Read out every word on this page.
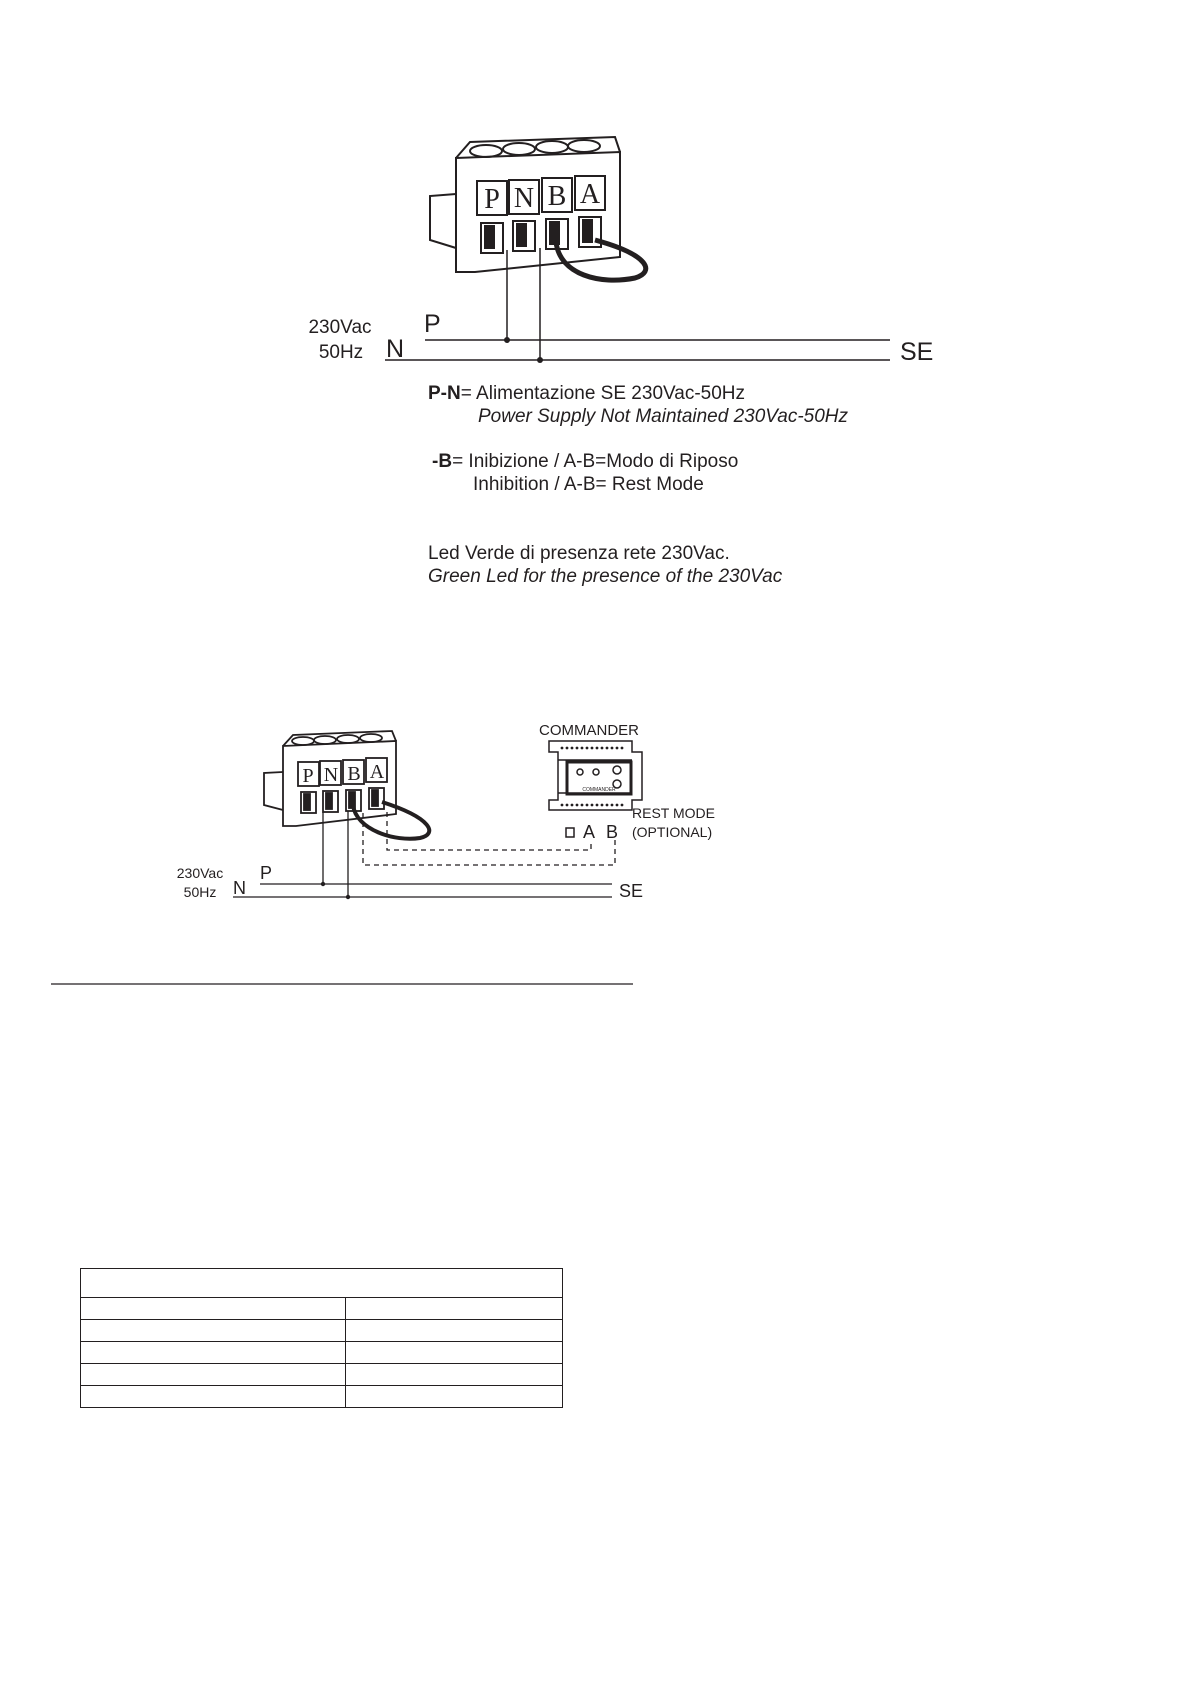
P N B A
230Vac
50Hz
P
N	SE
P-N= Alimentazione SE 230Vac-50Hz
Power Supply Not Maintained 230Vac-50Hz
-B= Inibizione / A-B=Modo di Riposo
Inhibition / A-B= Rest Mode
Led Verde di presenza rete 230Vac.
Green Led for the presence of the 230Vac
P N B A
COMMANDER
COMMANDER
A B
REST MODE
(OPTIONAL)
230Vac
50Hz
P
N	SE
